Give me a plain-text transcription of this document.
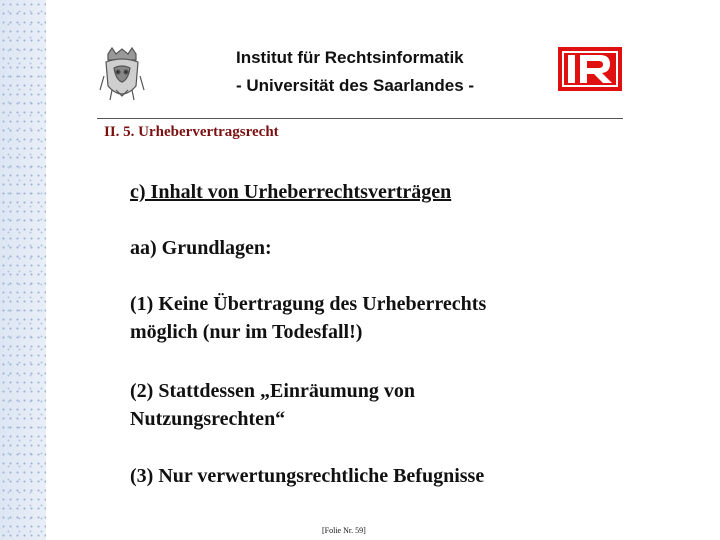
Institut für Rechtsinformatik
- Universität des Saarlandes -
II. 5. Urhebervertragsrecht
c) Inhalt von Urheberrechtsverträgen
aa) Grundlagen:
(1) Keine Übertragung des Urheberrechts
möglich (nur im Todesfall!)
(2) Stattdessen „Einräumung von
Nutzungsrechten“
(3) Nur verwertungsrechtliche Befugnisse
[Folie Nr. 59]
